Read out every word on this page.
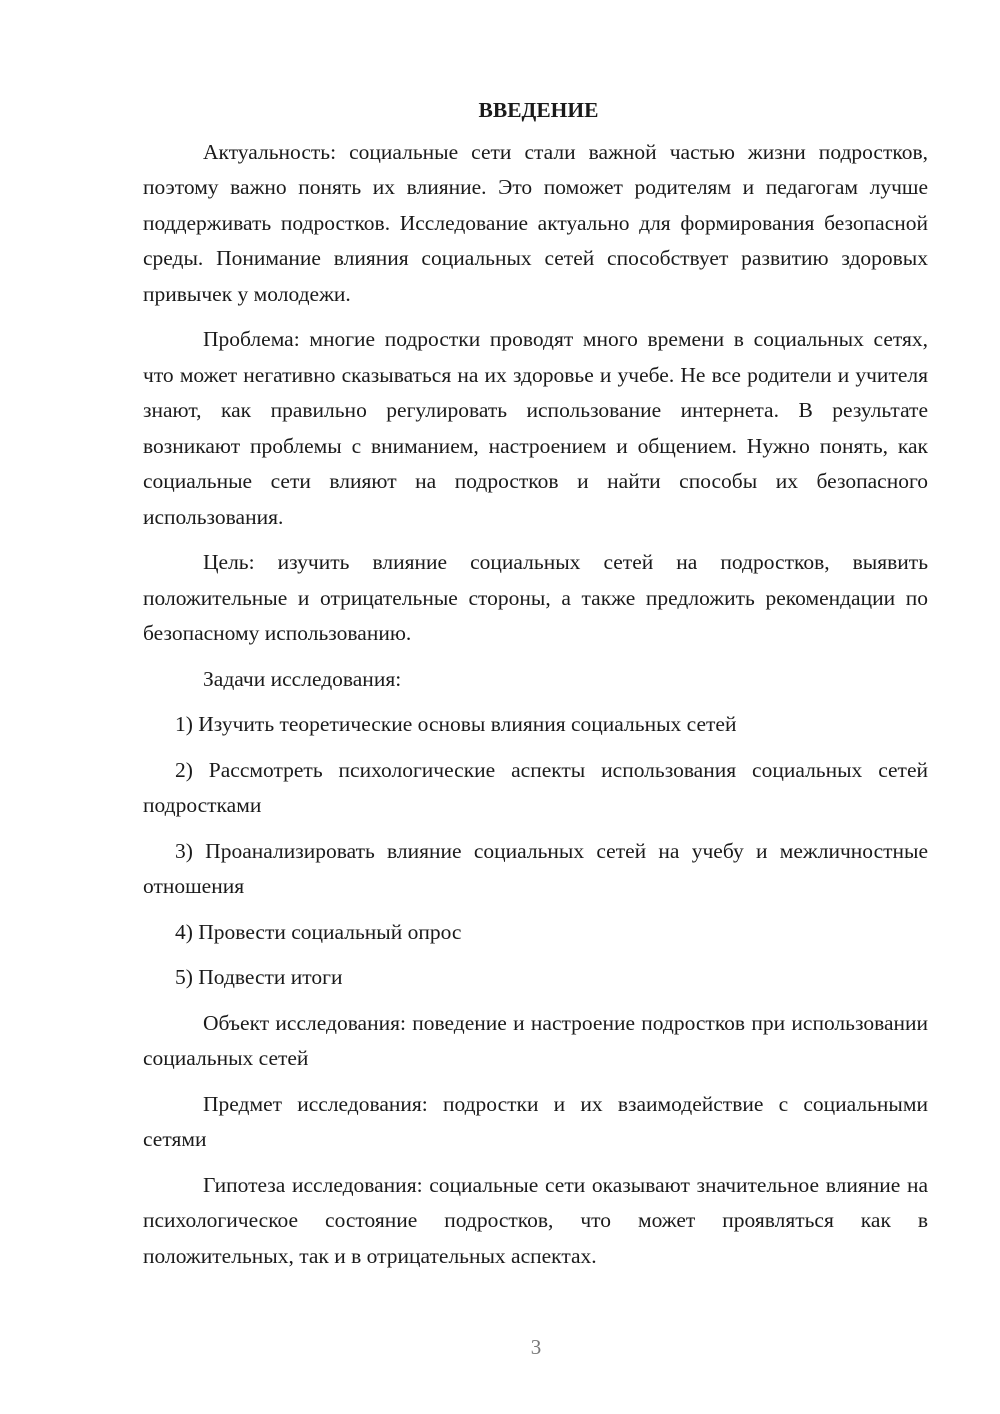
ВВЕДЕНИЕ

Актуальность: социальные сети стали важной частью жизни подростков, поэтому важно понять их влияние. Это поможет родителям и педагогам лучше поддерживать подростков. Исследование актуально для формирования безопасной среды. Понимание влияния социальных сетей способствует развитию здоровых привычек у молодежи.

Проблема: многие подростки проводят много времени в социальных сетях, что может негативно сказываться на их здоровье и учебе. Не все родители и учителя знают, как правильно регулировать использование интернета. В результате возникают проблемы с вниманием, настроением и общением. Нужно понять, как социальные сети влияют на подростков и найти способы их безопасного использования.

Цель: изучить влияние социальных сетей на подростков, выявить положительные и отрицательные стороны, а также предложить рекомендации по безопасному использованию.

Задачи исследования:

1) Изучить теоретические основы влияния социальных сетей

2) Рассмотреть психологические аспекты использования социальных сетей подростками

3) Проанализировать влияние социальных сетей на учебу и межличностные отношения

4) Провести социальный опрос

5) Подвести итоги

Объект исследования: поведение и настроение подростков при использовании социальных сетей

Предмет исследования: подростки и их взаимодействие с социальными сетями

Гипотеза исследования: социальные сети оказывают значительное влияние на психологическое состояние подростков, что может проявляться как в положительных, так и в отрицательных аспектах.

3
